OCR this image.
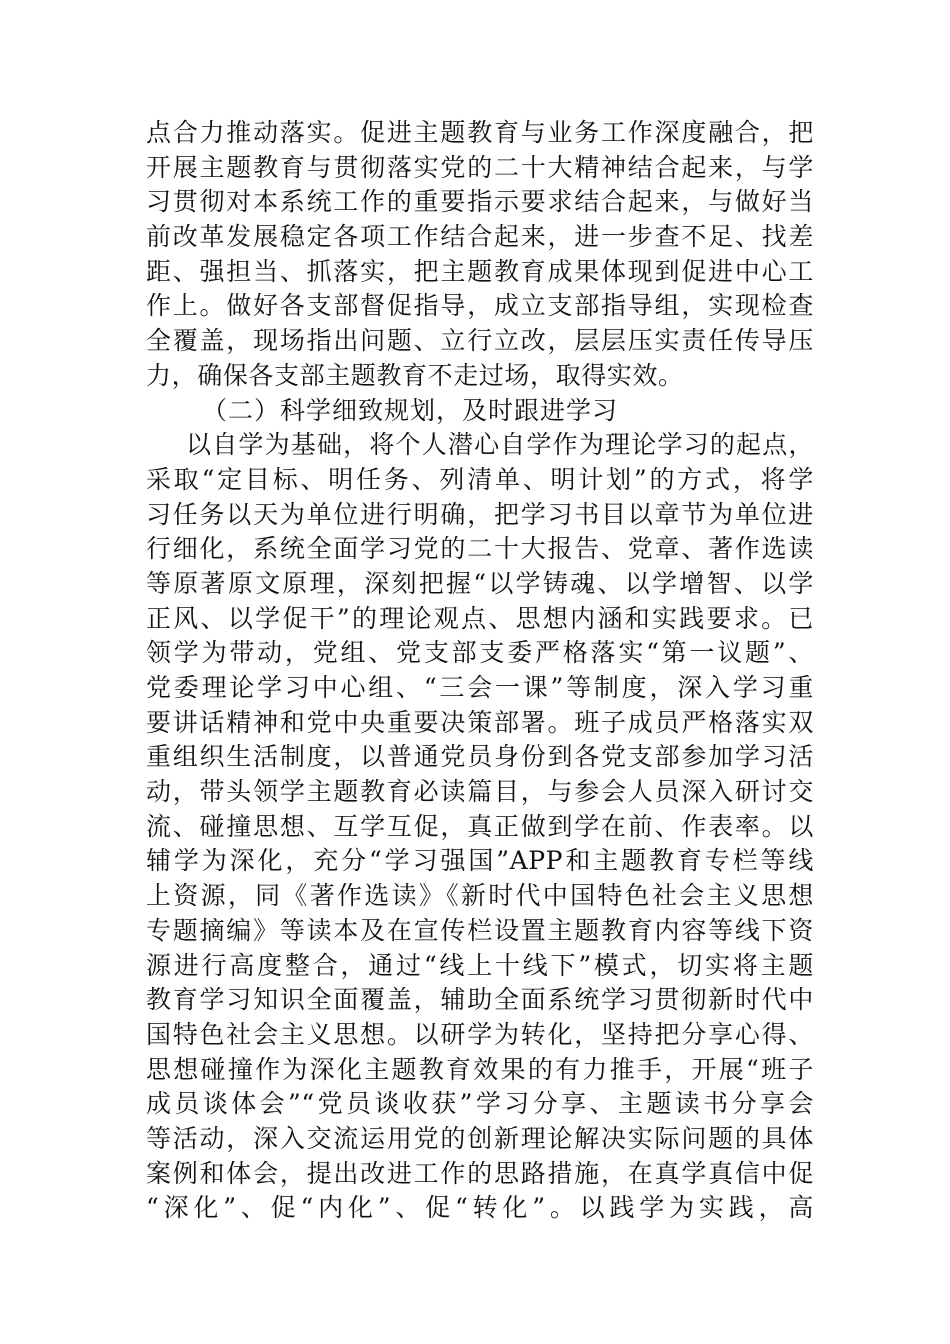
点合力推动落实。促进主题教育与业务工作深度融合，把
开展主题教育与贯彻落实党的二十大精神结合起来，与学
习贯彻对本系统工作的重要指示要求结合起来，与做好当
前改革发展稳定各项工作结合起来，进一步查不足、找差
距、强担当、抓落实，把主题教育成果体现到促进中心工
作上。做好各支部督促指导，成立支部指导组，实现检查
全覆盖，现场指出问题、立行立改，层层压实责任传导压
力，确保各支部主题教育不走过场，取得实效。
（二）科学细致规划，及时跟进学习
以自学为基础，将个人潜心自学作为理论学习的起点，
采取“定目标、明任务、列清单、明计划”的方式，将学
习任务以天为单位进行明确，把学习书目以章节为单位进
行细化，系统全面学习党的二十大报告、党章、著作选读
等原著原文原理，深刻把握“以学铸魂、以学增智、以学
正风、以学促干”的理论观点、思想内涵和实践要求。已
领学为带动，党组、党支部支委严格落实“第一议题”、
党委理论学习中心组、“三会一课”等制度，深入学习重
要讲话精神和党中央重要决策部署。班子成员严格落实双
重组织生活制度，以普通党员身份到各党支部参加学习活
动，带头领学主题教育必读篇目，与参会人员深入研讨交
流、碰撞思想、互学互促，真正做到学在前、作表率。以
辅学为深化，充分“学习强国”APP和主题教育专栏等线
上资源，同《著作选读》《新时代中国特色社会主义思想
专题摘编》等读本及在宣传栏设置主题教育内容等线下资
源进行高度整合，通过“线上十线下”模式，切实将主题
教育学习知识全面覆盖，辅助全面系统学习贯彻新时代中
国特色社会主义思想。以研学为转化，坚持把分享心得、
思想碰撞作为深化主题教育效果的有力推手，开展“班子
成员谈体会”“党员谈收获”学习分享、主题读书分享会
等活动，深入交流运用党的创新理论解决实际问题的具体
案例和体会，提出改进工作的思路措施，在真学真信中促
“深化”、促“内化”、促“转化”。以践学为实践，高
